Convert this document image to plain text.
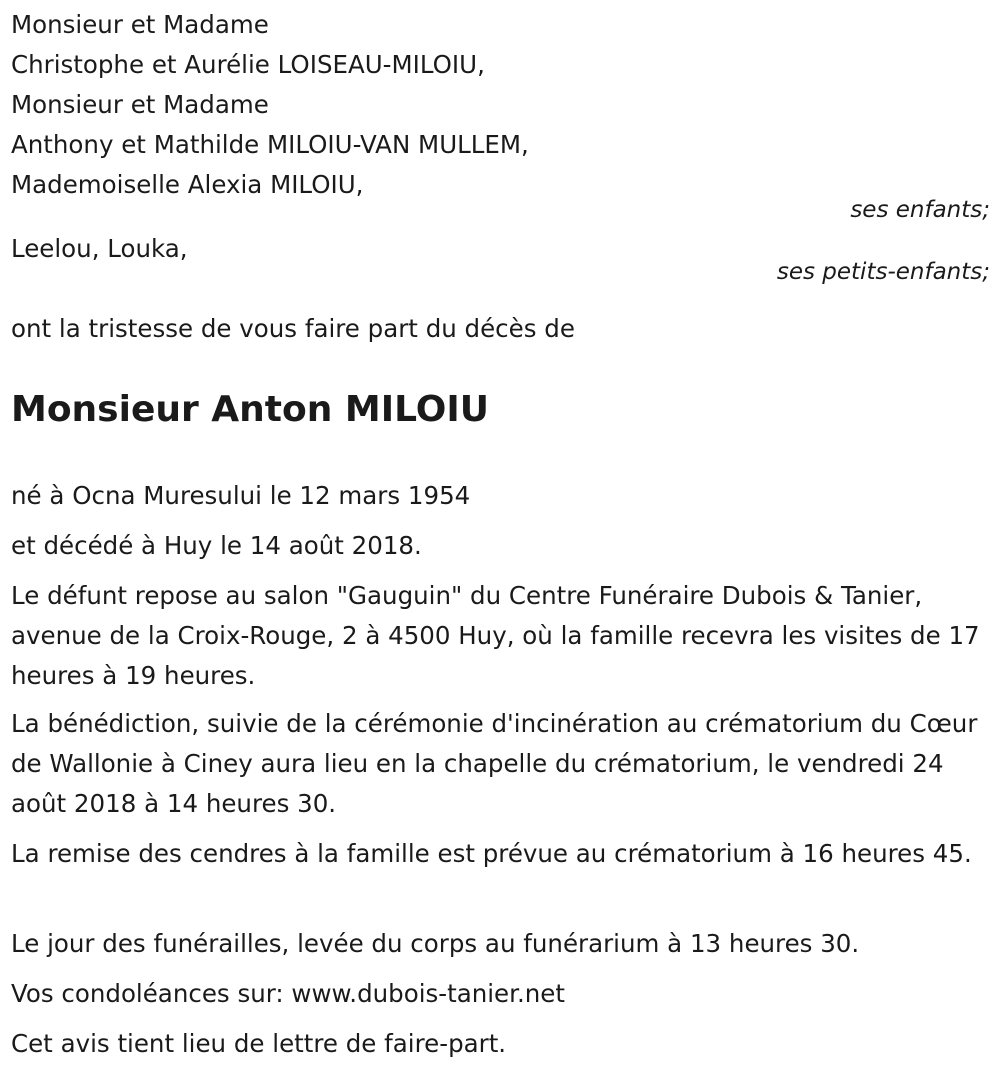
Monsieur et Madame
Christophe et Aurélie LOISEAU-MILOIU,
Monsieur et Madame
Anthony et Mathilde MILOIU-VAN MULLEM,
Mademoiselle Alexia MILOIU,
ses enfants;
Leelou, Louka,
ses petits-enfants;
ont la tristesse de vous faire part du décès de
Monsieur Anton MILOIU
né à Ocna Muresului le 12 mars 1954
et décédé à Huy le 14 août 2018.
Le défunt repose au salon "Gauguin" du Centre Funéraire Dubois & Tanier, avenue de la Croix-Rouge, 2 à 4500 Huy, où la famille recevra les visites de 17 heures à 19 heures.
La bénédiction, suivie de la cérémonie d'incinération au crématorium du Cœur de Wallonie à Ciney aura lieu en la chapelle du crématorium, le vendredi 24 août 2018 à 14 heures 30.
La remise des cendres à la famille est prévue au crématorium à 16 heures 45.
Le jour des funérailles, levée du corps au funérarium à 13 heures 30.
Vos condoléances sur: www.dubois-tanier.net
Cet avis tient lieu de lettre de faire-part.
